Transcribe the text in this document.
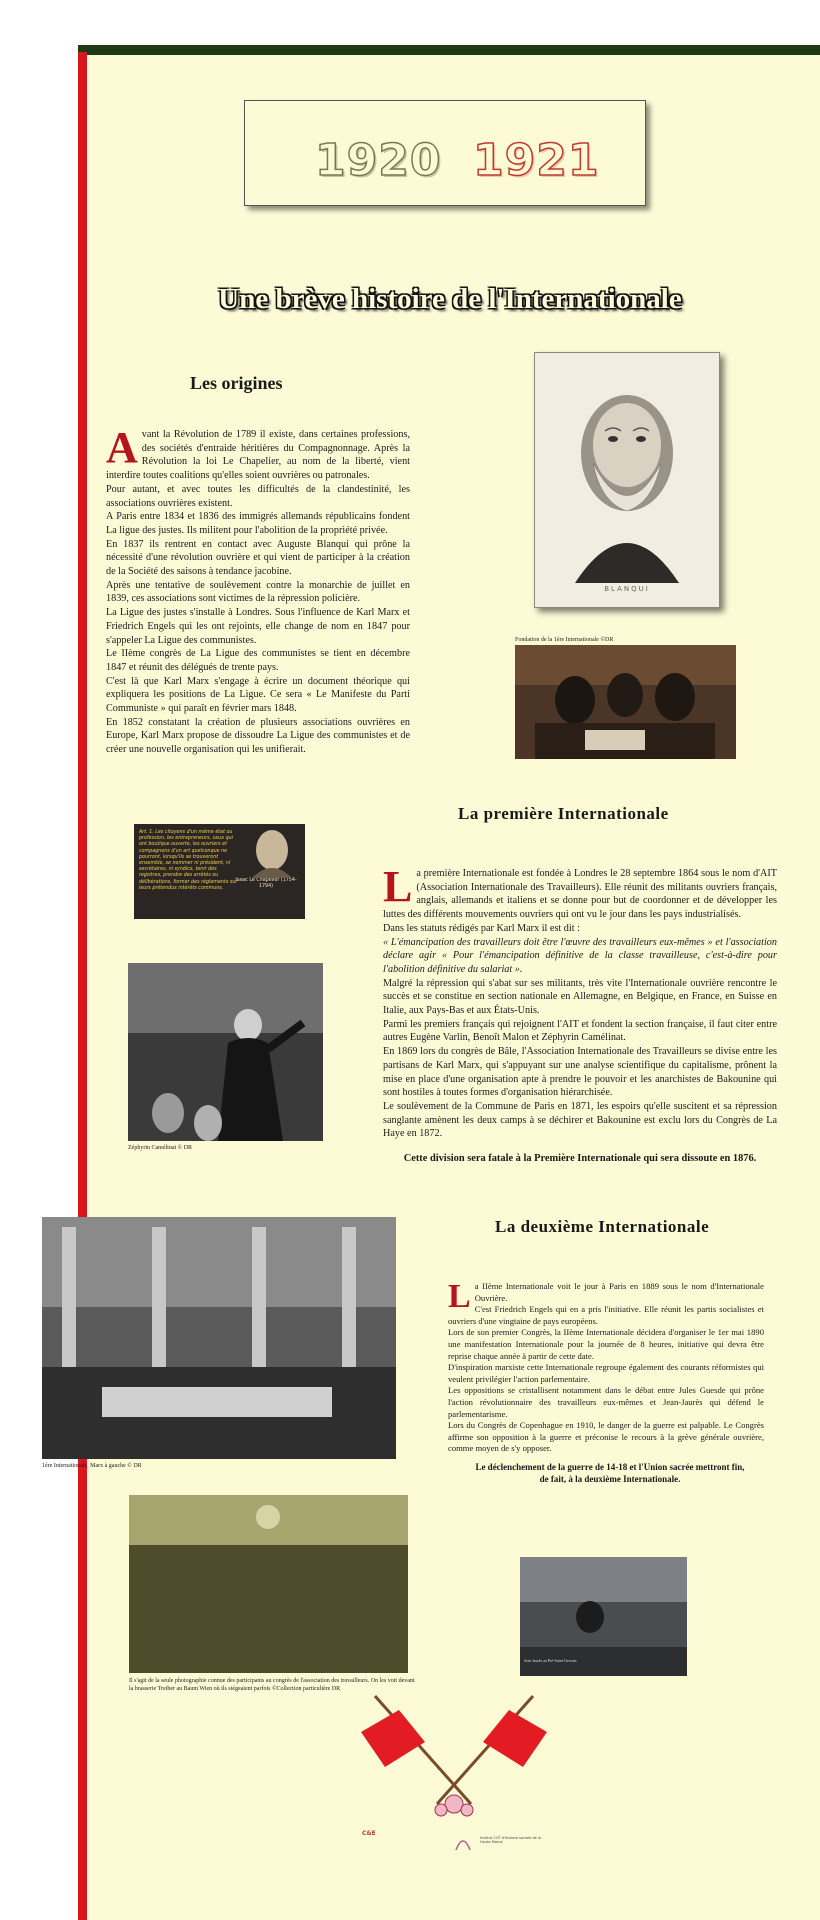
1920 1921
Une brève histoire de l'Internationale
Les origines
A vant la Révolution de 1789 il existe, dans certaines professions, des sociétés d'entraide héritières du Compagnonnage. Après la Révolution la loi Le Chapelier, au nom de la liberté, vient interdire toutes coalitions qu'elles soient ouvrières ou patronales.

Pour autant, et avec toutes les difficultés de la clandestinité, les associations ouvrières existent.

A Paris entre 1834 et 1836 des immigrés allemands républicains fondent La ligue des justes. Ils militent pour l'abolition de la propriété privée.

En 1837 ils rentrent en contact avec Auguste Blanqui qui prône la nécessité d'une révolution ouvrière et qui vient de participer à la création de la Société des saisons à tendance jacobine.

Après une tentative de soulèvement contre la monarchie de juillet en 1839, ces associations sont victimes de la répression policière.

La Ligue des justes s'installe à Londres. Sous l'influence de Karl Marx et Friedrich Engels qui les ont rejoints, elle change de nom en 1847 pour s'appeler La Ligue des communistes.

Le IIème congrès de La Ligue des communistes se tient en décembre 1847 et réunit des délégués de trente pays.

C'est là que Karl Marx s'engage à écrire un document théorique qui expliquera les positions de La Ligue. Ce sera « Le Manifeste du Parti Communiste » qui paraît en février mars 1848.

En 1852 constatant la création de plusieurs associations ouvrières en Europe, Karl Marx propose de dissoudre La Ligue des communistes et de créer une nouvelle organisation qui les unifierait.

BLANQUI
Fondation de la 1ère Internationale ©DR
Art. 1. Les citoyens d'un même état ou profession, les entrepreneurs, ceux qui ont boutique ouverte, les ouvriers et compagnons d'un art quelconque ne pourront, lorsqu'ils se trouveront ensemble, se nommer ni président, ni secrétaires, ni syndics, tenir des registres, prendre des arrêtés ou délibérations, former des règlements sur leurs prétendus intérêts communs.
Isaac Le Chapelier (1754-1794)
La première Internationale
L a première Internationale est fondée à Londres le 28 septembre 1864 sous le nom d'AIT (Association Internationale des Travailleurs). Elle réunit des militants ouvriers français, anglais, allemands et italiens et se donne pour but de coordonner et de développer les luttes des différents mouvements ouvriers qui ont vu le jour dans les pays industrialisés.

Dans les statuts rédigés par Karl Marx il est dit :

« L'émancipation des travailleurs doit être l'œuvre des travailleurs eux-mêmes » et l'association déclare agir « Pour l'émancipation définitive de la classe travailleuse, c'est-à-dire pour l'abolition définitive du salariat ».

Malgré la répression qui s'abat sur ses militants, très vite l'Internationale ouvrière rencontre le succès et se constitue en section nationale en Allemagne, en Belgique, en France, en Suisse en Italie, aux Pays-Bas et aux États-Unis.

Parmi les premiers français qui rejoignent l'AIT et fondent la section française, il faut citer entre autres Eugène Varlin, Benoît Malon et Zéphyrin Camélinat.

En 1869 lors du congrès de Bâle, l'Association Internationale des Travailleurs se divise entre les partisans de Karl Marx, qui s'appuyant sur une analyse scientifique du capitalisme, prônent la mise en place d'une organisation apte à prendre le pouvoir et les anarchistes de Bakounine qui sont hostiles à toutes formes d'organisation hiérarchisée.

Le soulèvement de la Commune de Paris en 1871, les espoirs qu'elle suscitent et sa répression sanglante amènent les deux camps à se déchirer et Bakounine est exclu lors du Congrès de La Haye en 1872.

Cette division sera fatale à la Première Internationale qui sera dissoute en 1876.
Zéphyrin Camélinat © DR
La deuxième Internationale
L a IIème Internationale voit le jour à Paris en 1889 sous le nom d'Internationale Ouvrière.

C'est Friedrich Engels qui en a pris l'initiative. Elle réunit les partis socialistes et ouvriers d'une vingtaine de pays européens.

Lors de son premier Congrès, la IIème Internationale décidera d'organiser le 1er mai 1890 une manifestation Internationale pour la journée de 8 heures, initiative qui devra être reprise chaque année à partir de cette date.

D'inspiration marxiste cette Internationale regroupe également des courants réformistes qui veulent privilégier l'action parlementaire.

Les oppositions se cristallisent notamment dans le débat entre Jules Guesde qui prône l'action révolutionnaire des travailleurs eux-mêmes et Jean-Jaurès qui défend le parlementarisme.

Lors du Congrès de Copenhague en 1910, le danger de la guerre est palpable. Le Congrès affirme son opposition à la guerre et préconise le recours à la grève générale ouvrière, comme moyen de s'y opposer.

Le déclenchement de la guerre de 14-18 et l'Union sacrée mettront fin, de fait, à la deuxième Internationale.
1ère Internationale, Marx à gauche © DR
Il s'agit de la seule photographie connue des participants au congrès de l'association des travailleurs. On les voit devant la brasserie Treiber au Baum Wien où ils siégeaient parfois ©Collection particulière DR
Jean Jaurès au Pré-Saint-Gervais
C&E
Institut CGT d'histoire sociale de la Haute-Marne
